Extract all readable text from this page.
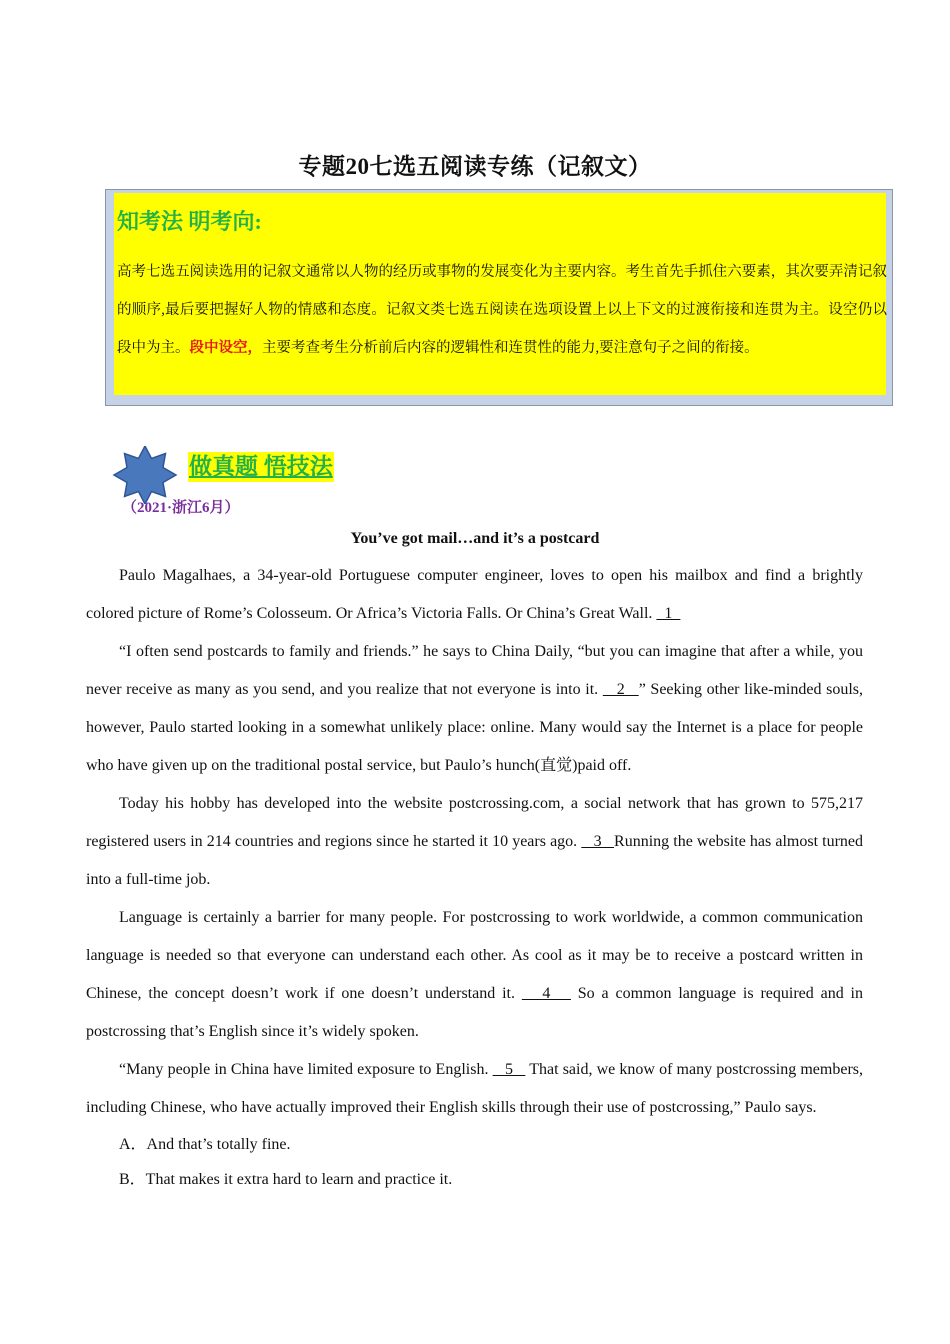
专题20七选五阅读专练（记叙文）
知考法 明考向:
高考七选五阅读选用的记叙文通常以人物的经历或事物的发展变化为主要内容。考生首先手抓住六要素，其次要弄清记叙的顺序,最后要把握好人物的情感和态度。记叙文类七选五阅读在选项设置上以上下文的过渡衔接和连贯为主。设空仍以段中为主。段中设空，主要考查考生分析前后内容的逻辑性和连贯性的能力,要注意句子之间的衔接。
做真题 悟技法
（2021·浙江6月）
You’ve got mail…and it’s a postcard

Paulo Magalhaes, a 34-year-old Portuguese computer engineer, loves to open his mailbox and find a brightly colored picture of Rome’s Colosseum. Or Africa’s Victoria Falls. Or China’s Great Wall.   1

“I often send postcards to family and friends.” he says to China Daily, “but you can imagine that after a while, you never receive as many as you send, and you realize that not everyone is into it.    2   ” Seeking other like-minded souls, however, Paulo started looking in a somewhat unlikely place: online. Many would say the Internet is a place for people who have given up on the traditional postal service, but Paulo’s hunch(直觉)paid off.

Today his hobby has developed into the website postcrossing.com, a social network that has grown to 575,217 registered users in 214 countries and regions since he started it 10 years ago.    3   Running the website has almost turned into a full-time job.

Language is certainly a barrier for many people. For postcrossing to work worldwide, a common communication language is needed so that everyone can understand each other. As cool as it may be to receive a postcard written in Chinese, the concept doesn’t work if one doesn’t understand it.    4    So a common language is required and in postcrossing that’s English since it’s widely spoken.

“Many people in China have limited exposure to English.    5    That said, we know of many postcrossing members, including Chinese, who have actually improved their English skills through their use of postcrossing,” Paulo says.

A．And that’s totally fine.

B．That makes it extra hard to learn and practice it.
